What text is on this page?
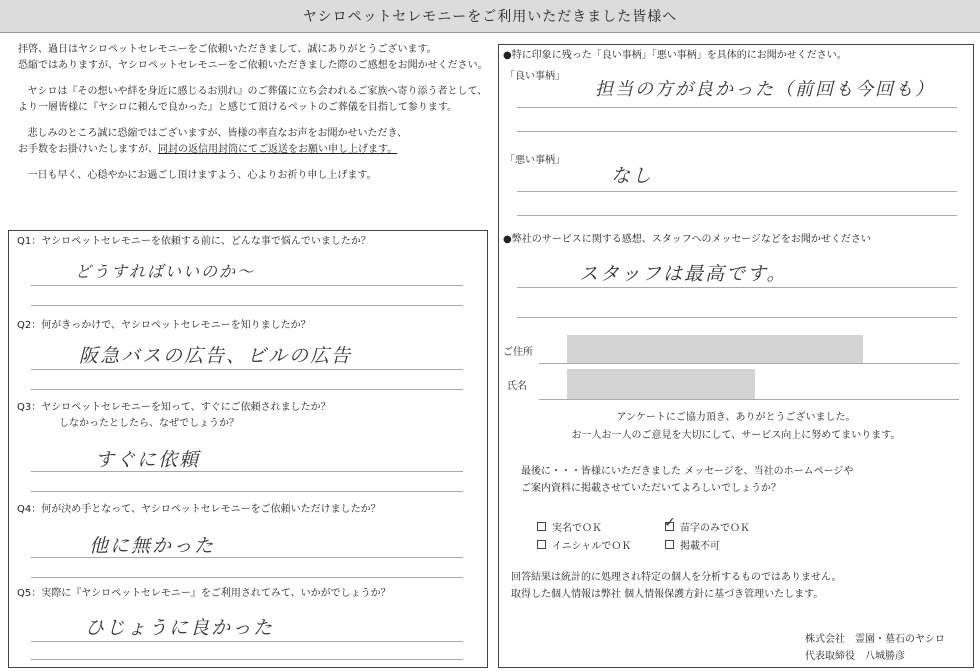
ヤシロペットセレモニーをご利用いただきました皆様へ

拝啓、過日はヤシロペットセレモニーをご依頼いただきまして、誠にありがとうございます。
恐縮ではありますが、ヤシロペットセレモニーをご依頼いただきました際のご感想をお聞かせください。

ヤシロは『その想いや絆を身近に感じるお別れ』のご葬儀に立ち会われるご家族へ寄り添う者として、
より一層皆様に『ヤシロに頼んで良かった』と感じて頂けるペットのご葬儀を目指して参ります。

悲しみのところ誠に恐縮ではございますが、皆様の率直なお声をお聞かせいただき、
お手数をお掛けいたしますが、同封の返信用封筒にてご返送をお願い申し上げます。

一日も早く、心穏やかにお過ごし頂けますよう、心よりお祈り申し上げます。

Q1：ヤシロペットセレモニーを依頼する前に、どんな事で悩んでいましたか？
どうすればいいのか～
Q2：何がきっかけで、ヤシロペットセレモニーを知りましたか？
阪急バスの広告、ビルの広告
Q3：ヤシロペットセレモニーを知って、すぐにご依頼されましたか？
しなかったとしたら、なぜでしょうか？
すぐに依頼
Q4：何が決め手となって、ヤシロペットセレモニーをご依頼いただけましたか？
他に無かった
Q5：実際に『ヤシロペットセレモニー』をご利用されてみて、いかがでしょうか？
ひじょうに良かった
●特に印象に残った「良い事柄」「悪い事柄」を具体的にお聞かせください。
「良い事柄」
担当の方が良かった（前回も今回も）
「悪い事柄」
なし
●弊社のサービスに関する感想、スタッフへのメッセージなどをお聞かせください
スタッフは最高です。
ご住所
氏名
アンケートにご協力頂き、ありがとうございました。
お一人お一人のご意見を大切にして、サービス向上に努めてまいります。
最後に・・・皆様にいただきました メッセージを、当社のホームページや
ご案内資料に掲載させていただいてよろしいでしょうか？
実名でＯＫ	✓ 苗字のみでＯＫ
イニシャルでＯＫ	掲載不可
回答結果は統計的に処理され特定の個人を分析するものではありません。
取得した個人情報は弊社 個人情報保護方針に基づき管理いたします。
株式会社　霊園・墓石のヤシロ
代表取締役　八城勝彦
